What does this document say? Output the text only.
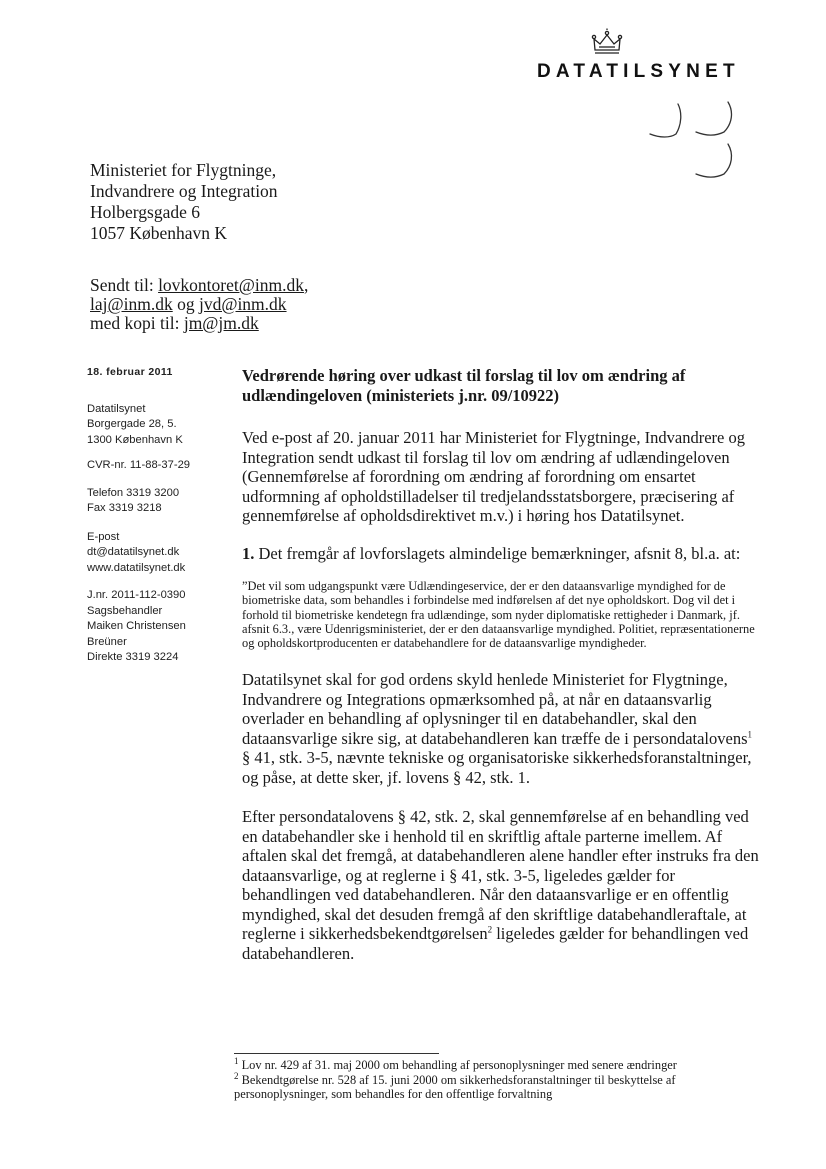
DATATILSYNET
Ministeriet for Flygtninge,
Indvandrere og Integration
Holbergsgade 6
1057 København K
Sendt til: lovkontoret@inm.dk,
laj@inm.dk og jvd@inm.dk
med kopi til: jm@jm.dk
18. februar 2011
Datatilsynet
Borgergade 28, 5.
1300 København K
CVR-nr. 11-88-37-29
Telefon 3319 3200
Fax 3319 3218
E-post
dt@datatilsynet.dk
www.datatilsynet.dk
J.nr. 2011-112-0390
Sagsbehandler
Maiken Christensen
Breüner
Direkte 3319 3224

Vedrørende høring over udkast til forslag til lov om ændring af udlændingeloven (ministeriets j.nr. 09/10922)

Ved e-post af 20. januar 2011 har Ministeriet for Flygtninge, Indvandrere og Integration sendt udkast til forslag til lov om ændring af udlændingeloven (Gennemførelse af forordning om ændring af forordning om ensartet udformning af opholdstilladelser til tredjelandsstatsborgere, præcisering af gennemførelse af opholdsdirektivet m.v.) i høring hos Datatilsynet.

1. Det fremgår af lovforslagets almindelige bemærkninger, afsnit 8, bl.a. at:

”Det vil som udgangspunkt være Udlændingeservice, der er den dataansvarlige myndighed for de biometriske data, som behandles i forbindelse med indførelsen af det nye opholdskort. Dog vil det i forhold til biometriske kendetegn fra udlændinge, som nyder diplomatiske rettigheder i Danmark, jf. afsnit 6.3., være Udenrigsministeriet, der er den dataansvarlige myndighed. Politiet, repræsentationerne og opholdskortproducenten er databehandlere for de dataansvarlige myndigheder.

Datatilsynet skal for god ordens skyld henlede Ministeriet for Flygtninge, Indvandrere og Integrations opmærksomhed på, at når en dataansvarlig overlader en behandling af oplysninger til en databehandler, skal den dataansvarlige sikre sig, at databehandleren kan træffe de i persondatalovens$^1$ § 41, stk. 3-5, nævnte tekniske og organisatoriske sikkerhedsforanstaltninger, og påse, at dette sker, jf. lovens § 42, stk. 1.

Efter persondatalovens § 42, stk. 2, skal gennemførelse af en behandling ved en databehandler ske i henhold til en skriftlig aftale parterne imellem. Af aftalen skal det fremgå, at databehandleren alene handler efter instruks fra den dataansvarlige, og at reglerne i § 41, stk. 3-5, ligeledes gælder for behandlingen ved databehandleren. Når den dataansvarlige er en offentlig myndighed, skal det desuden fremgå af den skriftlige databehandleraftale, at reglerne i sikkerhedsbekendtgørelsen$^2$ ligeledes gælder for behandlingen ved databehandleren.

$^1$ Lov nr. 429 af 31. maj 2000 om behandling af personoplysninger med senere ændringer
$^2$ Bekendtgørelse nr. 528 af 15. juni 2000 om sikkerhedsforanstaltninger til beskyttelse af personoplysninger, som behandles for den offentlige forvaltning
